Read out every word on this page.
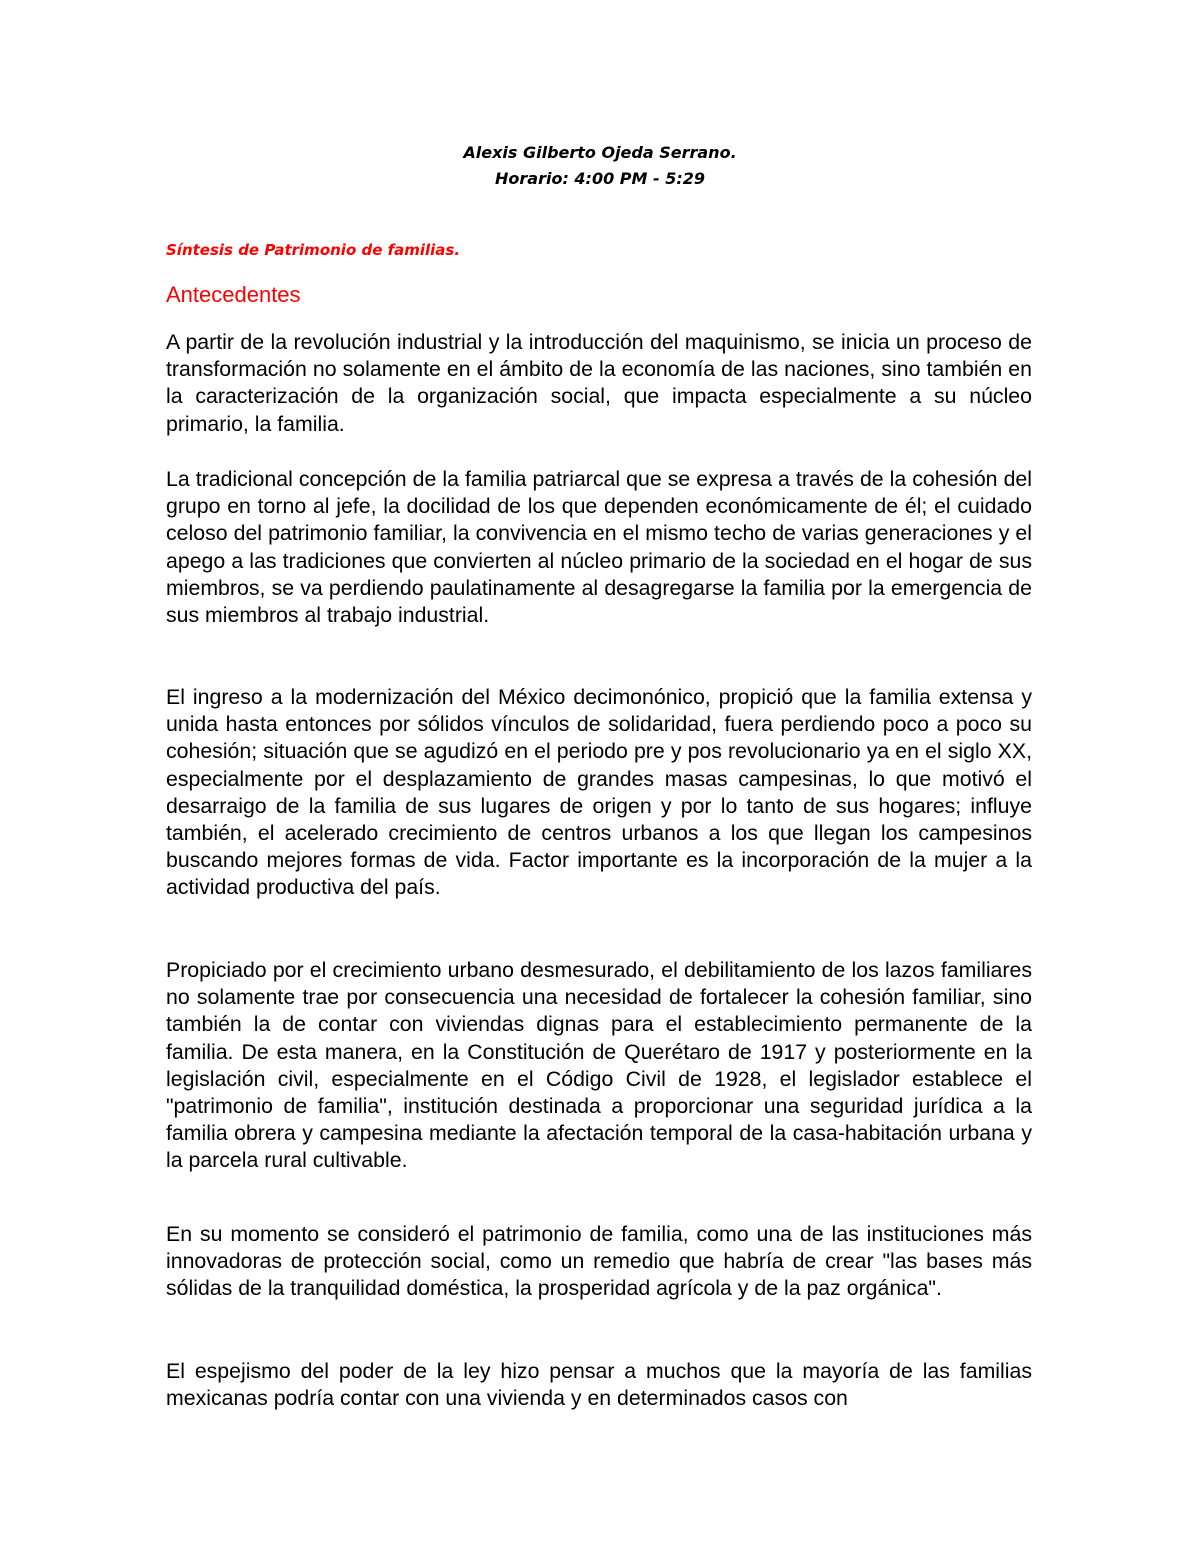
Alexis Gilberto Ojeda Serrano.
Horario: 4:00 PM - 5:29
Síntesis de Patrimonio de familias.
Antecedentes

A partir de la revolución industrial y la introducción del maquinismo, se inicia un proceso de transformación no solamente en el ámbito de la economía de las naciones, sino también en la caracterización de la organización social, que impacta especialmente a su núcleo primario, la familia.

La tradicional concepción de la familia patriarcal que se expresa a través de la cohesión del grupo en torno al jefe, la docilidad de los que dependen económicamente de él; el cuidado celoso del patrimonio familiar, la convivencia en el mismo techo de varias generaciones y el apego a las tradiciones que convierten al núcleo primario de la sociedad en el hogar de sus miembros, se va perdiendo paulatinamente al desagregarse la familia por la emergencia de sus miembros al trabajo industrial.

El ingreso a la modernización del México decimonónico, propició que la familia extensa y unida hasta entonces por sólidos vínculos de solidaridad, fuera perdiendo poco a poco su cohesión; situación que se agudizó en el periodo pre y pos revolucionario ya en el siglo XX, especialmente por el desplazamiento de grandes masas campesinas, lo que motivó el desarraigo de la familia de sus lugares de origen y por lo tanto de sus hogares; influye también, el acelerado crecimiento de centros urbanos a los que llegan los campesinos buscando mejores formas de vida. Factor importante es la incorporación de la mujer a la actividad productiva del país.

Propiciado por el crecimiento urbano desmesurado, el debilitamiento de los lazos familiares no solamente trae por consecuencia una necesidad de fortalecer la cohesión familiar, sino también la de contar con viviendas dignas para el establecimiento permanente de la familia. De esta manera, en la Constitución de Querétaro de 1917 y posteriormente en la legislación civil, especialmente en el Código Civil de 1928, el legislador establece el "patrimonio de familia", institución destinada a proporcionar una seguridad jurídica a la familia obrera y campesina mediante la afectación temporal de la casa-habitación urbana y la parcela rural cultivable.

En su momento se consideró el patrimonio de familia, como una de las instituciones más innovadoras de protección social, como un remedio que habría de crear "las bases más sólidas de la tranquilidad doméstica, la prosperidad agrícola y de la paz orgánica".

El espejismo del poder de la ley hizo pensar a muchos que la mayoría de las familias mexicanas podría contar con una vivienda y en determinados casos con
